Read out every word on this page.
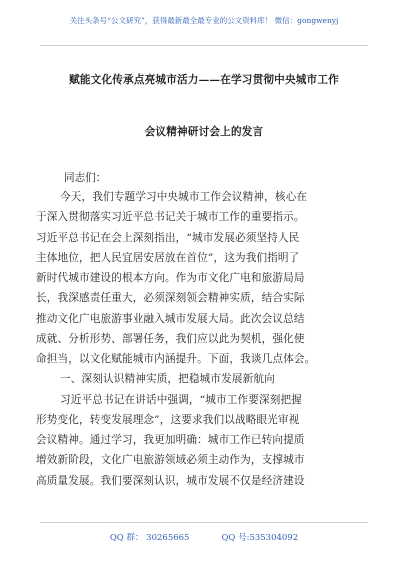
关注头条号“公文研究”，获得最新最全最专业的公文资料库！ 微信：gongwenyj
赋能文化传承点亮城市活力——在学习贯彻中央城市工作
会议精神研讨会上的发言
同志们：
今天，我们专题学习中央城市工作会议精神，核心在
于深入贯彻落实习近平总书记关于城市工作的重要指示。
习近平总书记在会上深刻指出，“城市发展必须坚持人民
主体地位，把人民宜居安居放在首位”，这为我们指明了
新时代城市建设的根本方向。作为市文化广电和旅游局局
长，我深感责任重大，必须深刻领会精神实质，结合实际
推动文化广电旅游事业融入城市发展大局。此次会议总结
成就、分析形势、部署任务，我们应以此为契机，强化使
命担当，以文化赋能城市内涵提升。下面，我谈几点体会。
一、深刻认识精神实质，把稳城市发展新航向
习近平总书记在讲话中强调，“城市工作要深刻把握
形势变化，转变发展理念”，这要求我们以战略眼光审视
会议精神。通过学习，我更加明确：城市工作已转向提质
增效新阶段，文化广电旅游领域必须主动作为，支撑城市
高质量发展。我们要深刻认识，城市发展不仅是经济建设
QQ 群： 30265665	QQ 号:535304092
